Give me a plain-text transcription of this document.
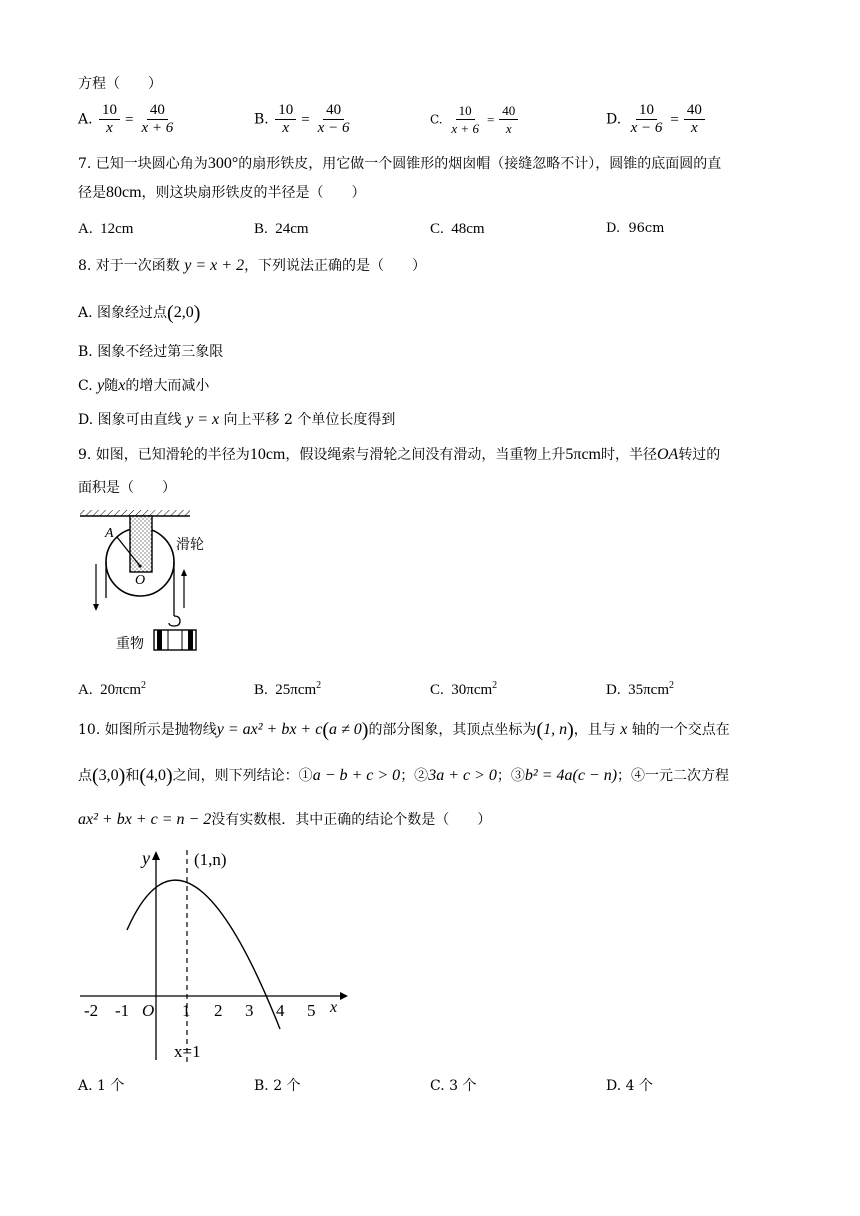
方程（　　）
A. $\frac{10}{x} = \frac{40}{x + 6}$	B. $\frac{10}{x} = \frac{40}{x - 6}$	C. $\frac{10}{x + 6} = \frac{40}{x}$	D. $\frac{10}{x - 6} = \frac{40}{x}$
7. 已知一块圆心角为300°的扇形铁皮，用它做一个圆锥形的烟囱帽（接缝忽略不计），圆锥的底面圆的直
径是80cm，则这块扇形铁皮的半径是（　　）
A. 12cm	B. 24cm	C. 48cm	D. 96cm
8. 对于一次函数 y = x + 2，下列说法正确的是（　　）
A. 图象经过点(2,0)
B. 图象不经过第三象限
C. y随x的增大而减小
D. 图象可由直线 y = x 向上平移 2 个单位长度得到
9. 如图，已知滑轮的半径为10cm，假设绳索与滑轮之间没有滑动，当重物上升5πcm时，半径OA转过的
面积是（　　）
A
O
滑轮
重物
A. 20πcm$^2$	B. 25πcm$^2$	C. 30πcm$^2$	D. 35πcm$^2$
10. 如图所示是抛物线y = ax² + bx + c(a ≠ 0)的部分图象，其顶点坐标为(1, n)，且与 x 轴的一个交点在
点(3,0)和(4,0)之间，则下列结论：①a − b + c > 0；②3a + c > 0；③b² = 4a(c − n)；④一元二次方程
ax² + bx + c = n − 2没有实数根．其中正确的结论个数是（　　）
y
x
O
(1,n)
x=1
-2 -1	1 2 3 4 5
A. 1 个	B. 2 个	C. 3 个	D. 4 个
